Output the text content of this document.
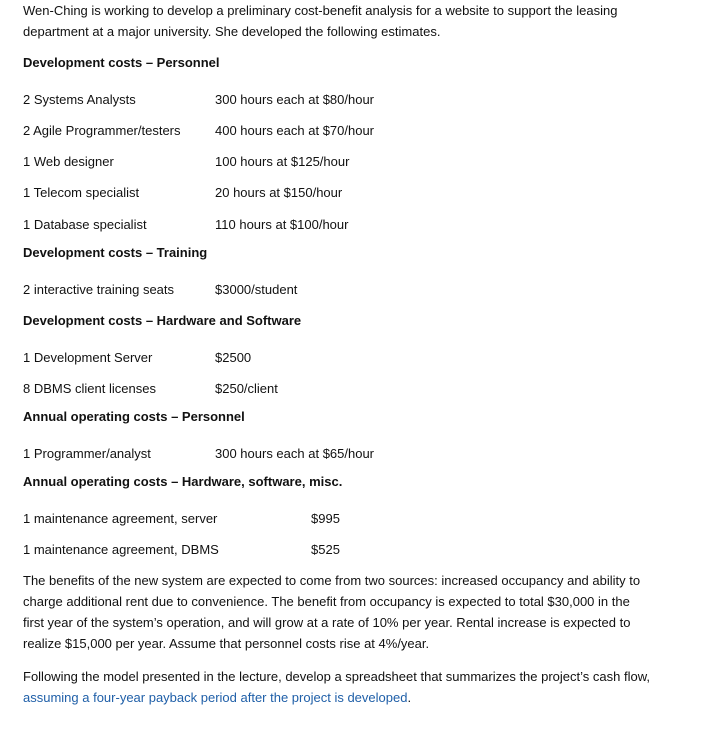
Wen-Ching is working to develop a preliminary cost-benefit analysis for a website to support the leasing department at a major university. She developed the following estimates.

Development costs – Personnel
2 Systems Analysts	300 hours each at $80/hour
2 Agile Programmer/testers	400 hours each at $70/hour
1 Web designer	100 hours at $125/hour
1 Telecom specialist	20 hours at $150/hour
1 Database specialist	110 hours at $100/hour
Development costs – Training
2 interactive training seats	$3000/student
Development costs – Hardware and Software
1 Development Server	$2500
8 DBMS client licenses	$250/client
Annual operating costs – Personnel
1 Programmer/analyst	300 hours each at $65/hour
Annual operating costs – Hardware, software, misc.
1 maintenance agreement, server	$995
1 maintenance agreement, DBMS	$525

The benefits of the new system are expected to come from two sources: increased occupancy and ability to charge additional rent due to convenience. The benefit from occupancy is expected to total $30,000 in the first year of the system’s operation, and will grow at a rate of 10% per year. Rental increase is expected to realize $15,000 per year. Assume that personnel costs rise at 4%/year.

Following the model presented in the lecture, develop a spreadsheet that summarizes the project’s cash flow, assuming a four-year payback period after the project is developed.
